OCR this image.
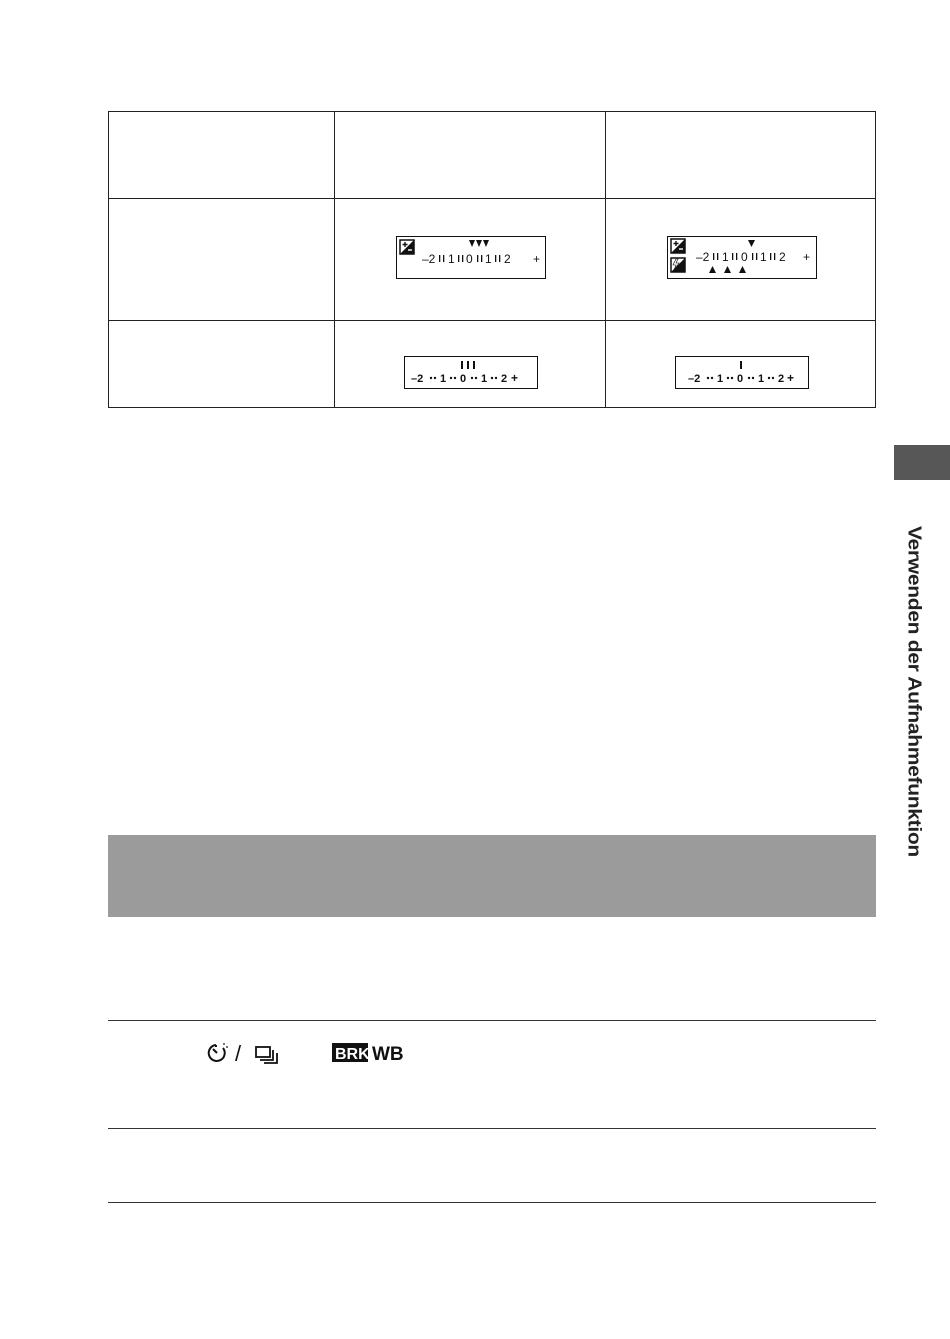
–2 1 0 1 2 +	–2 1 0 1 2 +
–2 1 0 1 2 +	–2 1 0 1 2 +
Verwenden der Aufnahmefunktion
/	BRK WB
